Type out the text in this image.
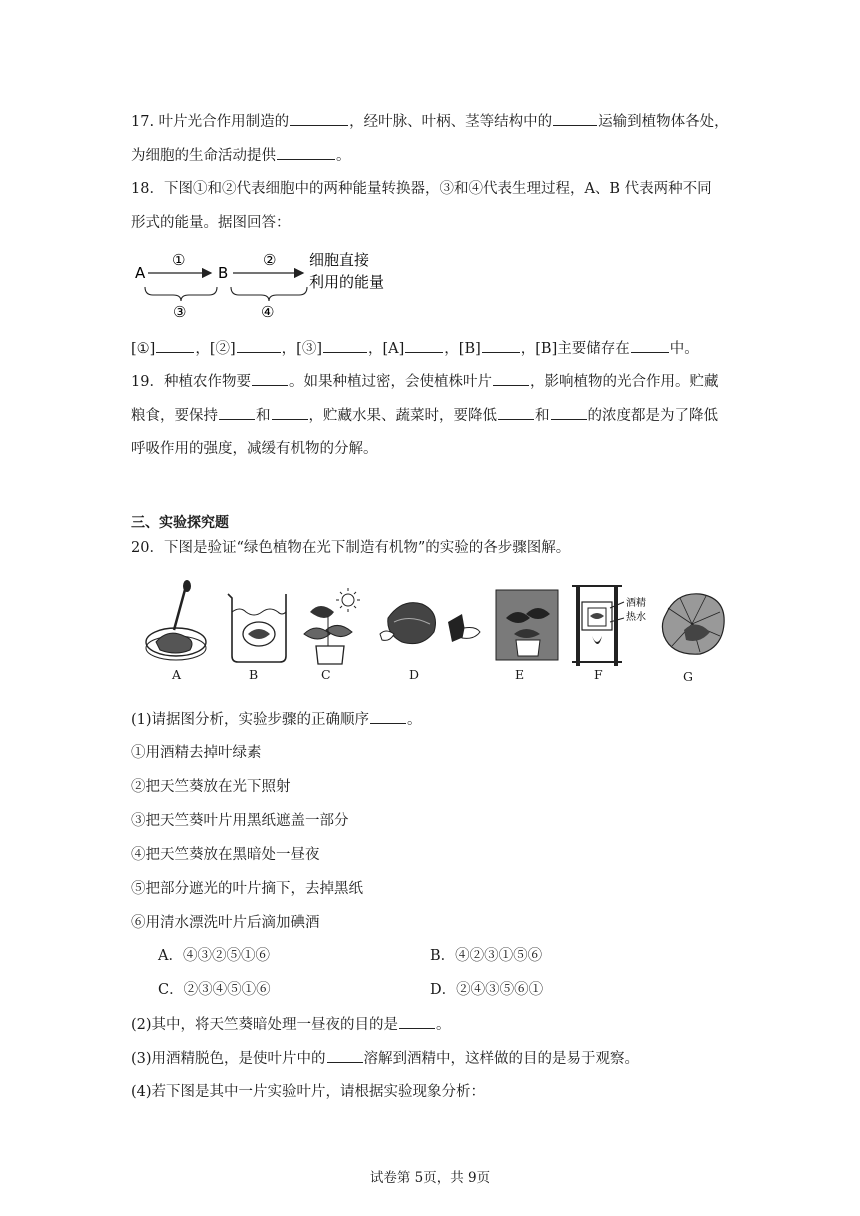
17. 叶片光合作用制造的	，经叶脉、叶柄、茎等结构中的	运输到植物体各处，
为细胞的生命活动提供	。
18．下图①和②代表细胞中的两种能量转换器，③和④代表生理过程，A、B 代表两种不同
形式的能量。据图回答：
A
①
B
② 细胞直接
利用的能量
③	④
[①]	，[②]	，[③]	，[A]	，[B]	，[B]主要储存在	中。
19．种植农作物要	。如果种植过密，会使植株叶片	，影响植物的光合作用。贮藏
粮食，要保持	和	，贮藏水果、蔬菜时，要降低	和	的浓度都是为了降低
呼吸作用的强度，减缓有机物的分解。
三、实验探究题
20．下图是验证“绿色植物在光下制造有机物”的实验的各步骤图解。
酒精
热水
A	B	C	D	E	F	G
(1)请据图分析，实验步骤的正确顺序	。
①用酒精去掉叶绿素
②把天竺葵放在光下照射
③把天竺葵叶片用黑纸遮盖一部分
④把天竺葵放在黑暗处一昼夜
⑤把部分遮光的叶片摘下，去掉黑纸
⑥用清水漂洗叶片后滴加碘酒
A．④③②⑤①⑥	B．④②③①⑤⑥
C．②③④⑤①⑥	D．②④③⑤⑥①
(2)其中，将天竺葵暗处理一昼夜的目的是	。
(3)用酒精脱色，是使叶片中的	溶解到酒精中，这样做的目的是易于观察。
(4)若下图是其中一片实验叶片，请根据实验现象分析：
试卷第 5页，共 9页
